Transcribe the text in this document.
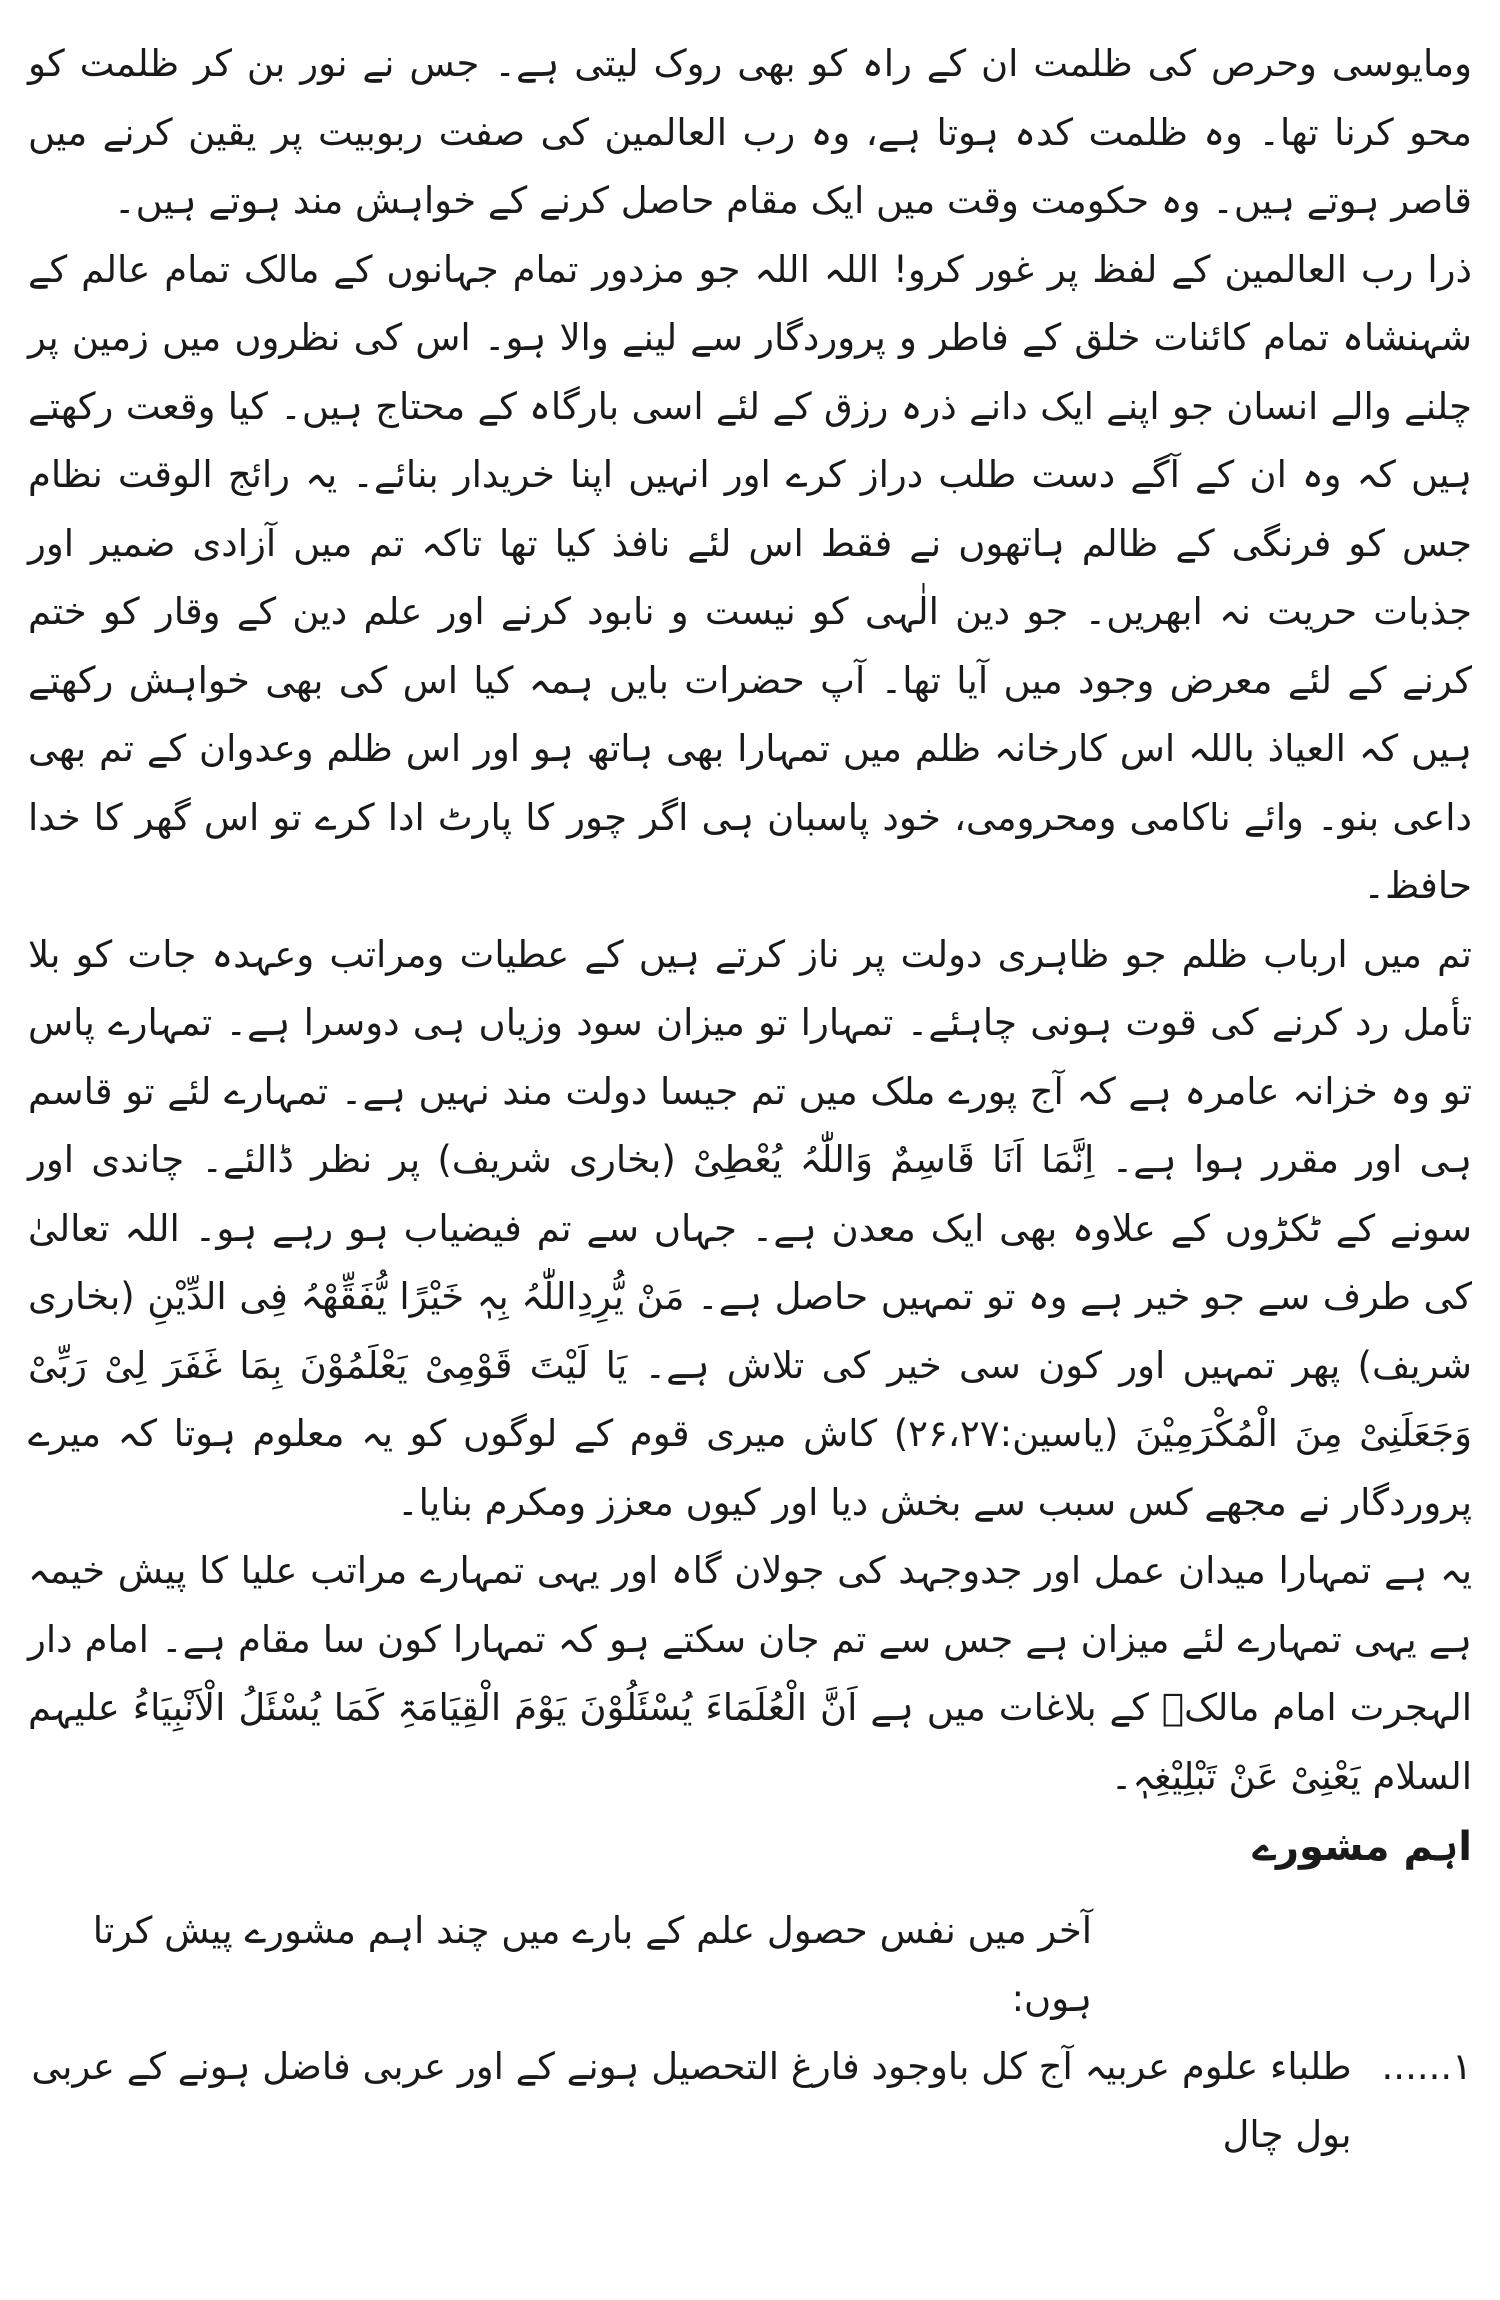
ومایوسی وحرص کی ظلمت ان کے راہ کو بھی روک لیتی ہے۔ جس نے نور بن کر ظلمت کو محو کرنا تھا۔ وہ ظلمت کدہ ہوتا ہے، وہ رب العالمین کی صفت ربوبیت پر یقین کرنے میں قاصر ہوتے ہیں۔ وہ حکومت وقت میں ایک مقام حاصل کرنے کے خواہش مند ہوتے ہیں۔

ذرا رب العالمین کے لفظ پر غور کرو! اللہ اللہ جو مزدور تمام جہانوں کے مالک تمام عالم کے شہنشاہ تمام کائنات خلق کے فاطر و پروردگار سے لینے والا ہو۔ اس کی نظروں میں زمین پر چلنے والے انسان جو اپنے ایک دانے ذرہ رزق کے لئے اسی بارگاہ کے محتاج ہیں۔ کیا وقعت رکھتے ہیں کہ وہ ان کے آگے دست طلب دراز کرے اور انہیں اپنا خریدار بنائے۔ یہ رائج الوقت نظام جس کو فرنگی کے ظالم ہاتھوں نے فقط اس لئے نافذ کیا تھا تاکہ تم میں آزادی ضمیر اور جذبات حریت نہ ابھریں۔ جو دین الٰہی کو نیست و نابود کرنے اور علم دین کے وقار کو ختم کرنے کے لئے معرض وجود میں آیا تھا۔ آپ حضرات بایں ہمہ کیا اس کی بھی خواہش رکھتے ہیں کہ العیاذ باللہ اس کارخانہ ظلم میں تمہارا بھی ہاتھ ہو اور اس ظلم وعدوان کے تم بھی داعی بنو۔ وائے ناکامی ومحرومی، خود پاسبان ہی اگر چور کا پارٹ ادا کرے تو اس گھر کا خدا حافظ۔

تم میں ارباب ظلم جو ظاہری دولت پر ناز کرتے ہیں کے عطیات ومراتب وعہدہ جات کو بلا تأمل رد کرنے کی قوت ہونی چاہئے۔ تمہارا تو میزان سود وزیاں ہی دوسرا ہے۔ تمہارے پاس تو وہ خزانہ عامرہ ہے کہ آج پورے ملک میں تم جیسا دولت مند نہیں ہے۔ تمہارے لئے تو قاسم ہی اور مقرر ہوا ہے۔ اِنَّمَا اَنَا قَاسِمٌ وَاللّٰہُ یُعْطِیْ (بخاری شریف) پر نظر ڈالئے۔ چاندی اور سونے کے ٹکڑوں کے علاوہ بھی ایک معدن ہے۔ جہاں سے تم فیضیاب ہو رہے ہو۔ اللہ تعالیٰ کی طرف سے جو خیر ہے وہ تو تمہیں حاصل ہے۔ مَنْ یُّرِدِاللّٰہُ بِہٖ خَیْرًا یُّفَقِّھْہُ فِی الدِّیْنِ (بخاری شریف) پھر تمہیں اور کون سی خیر کی تلاش ہے۔ یَا لَیْتَ قَوْمِیْ یَعْلَمُوْنَ بِمَا غَفَرَ لِیْ رَبِّیْ وَجَعَلَنِیْ مِنَ الْمُکْرَمِیْنَ (یاسین:۲۶،۲۷) کاش میری قوم کے لوگوں کو یہ معلوم ہوتا کہ میرے پروردگار نے مجھے کس سبب سے بخش دیا اور کیوں معزز ومکرم بنایا۔

یہ ہے تمہارا میدان عمل اور جدوجہد کی جولان گاہ اور یہی تمہارے مراتب علیا کا پیش خیمہ ہے یہی تمہارے لئے میزان ہے جس سے تم جان سکتے ہو کہ تمہارا کون سا مقام ہے۔ امام دار الہجرت امام مالکؒ کے بلاغات میں ہے اَنَّ الْعُلَمَاءَ یُسْئَلُوْنَ یَوْمَ الْقِیَامَۃِ کَمَا یُسْئَلُ الْاَنْبِیَاءُ علیہم السلام یَعْنِیْ عَنْ تَبْلِیْغِہٖ۔

اہم مشورے

آخر میں نفس حصول علم کے بارے میں چند اہم مشورے پیش کرتا ہوں:

۱......
طلباء علوم عربیہ آج کل باوجود فارغ التحصیل ہونے کے اور عربی فاضل ہونے کے عربی بول چال
